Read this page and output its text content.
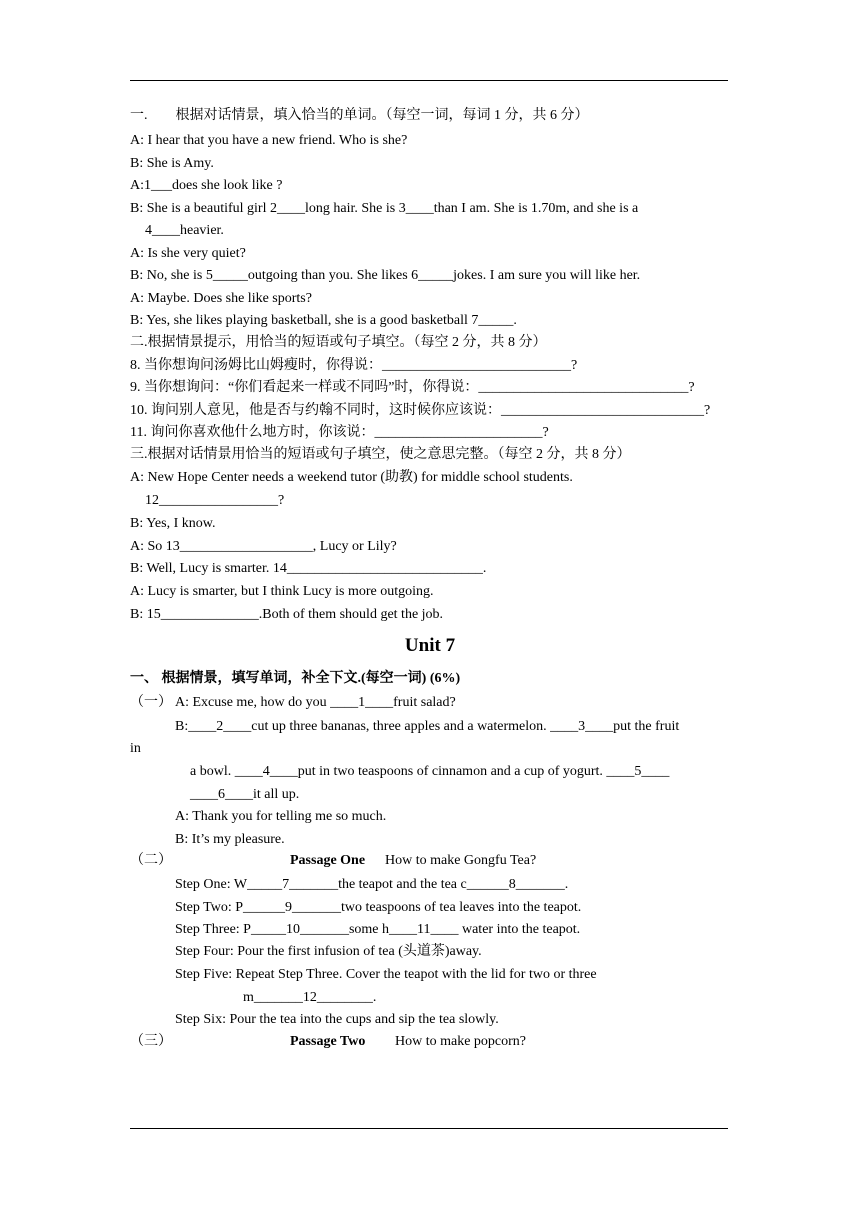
一.　　根据对话情景，填入恰当的单词。（每空一词，每词 1 分，共 6 分）
A: I hear that you have a new friend. Who is she?
B: She is Amy.
A:1___does she look like ?
B: She is a beautiful girl 2____long hair. She is 3____than I am. She is 1.70m, and she is a
4____heavier.
A: Is she very quiet?
B: No, she is 5_____outgoing than you. She likes 6_____jokes. I am sure you will like her.
A: Maybe. Does she like sports?
B: Yes, she likes playing basketball, she is a good basketball 7_____.
二.根据情景提示，用恰当的短语或句子填空。（每空 2 分，共 8 分）
8. 当你想询问汤姆比山姆瘦时，你得说：___________________________?
9. 当你想询问：“你们看起来一样或不同吗”时，你得说：______________________________?
10. 询问别人意见，他是否与约翰不同时，这时候你应该说：_____________________________?
11. 询问你喜欢他什么地方时，你该说：________________________?
三.根据对话情景用恰当的短语或句子填空，使之意思完整。（每空 2 分，共 8 分）
A: New Hope Center needs a weekend tutor (助教) for middle school students.
12_________________?
B: Yes, I know.
A: So 13___________________, Lucy or Lily?
B: Well, Lucy is smarter. 14____________________________.
A: Lucy is smarter, but I think Lucy is more outgoing.
B: 15______________.Both of them should get the job.
Unit 7
一、 根据情景，填写单词，补全下文.(每空一词) (6%)
（一） A: Excuse me, how do you ____1____fruit salad?
B:____2____cut up three bananas, three apples and a watermelon. ____3____put the fruit
in
a bowl. ____4____put in two teaspoons of cinnamon and a cup of yogurt. ____5____
____6____it all up.
A: Thank you for telling me so much.
B: It’s my pleasure.
（二）	Passage One How to make Gongfu Tea?
Step One: W_____7_______the teapot and the tea c______8_______.
Step Two: P______9_______two teaspoons of tea leaves into the teapot.
Step Three: P_____10_______some h____11____ water into the teapot.
Step Four: Pour the first infusion of tea (头道茶)away.
Step Five: Repeat Step Three. Cover the teapot with the lid for two or three
m_______12________.
Step Six: Pour the tea into the cups and sip the tea slowly.
（三）	Passage Two How to make popcorn?
